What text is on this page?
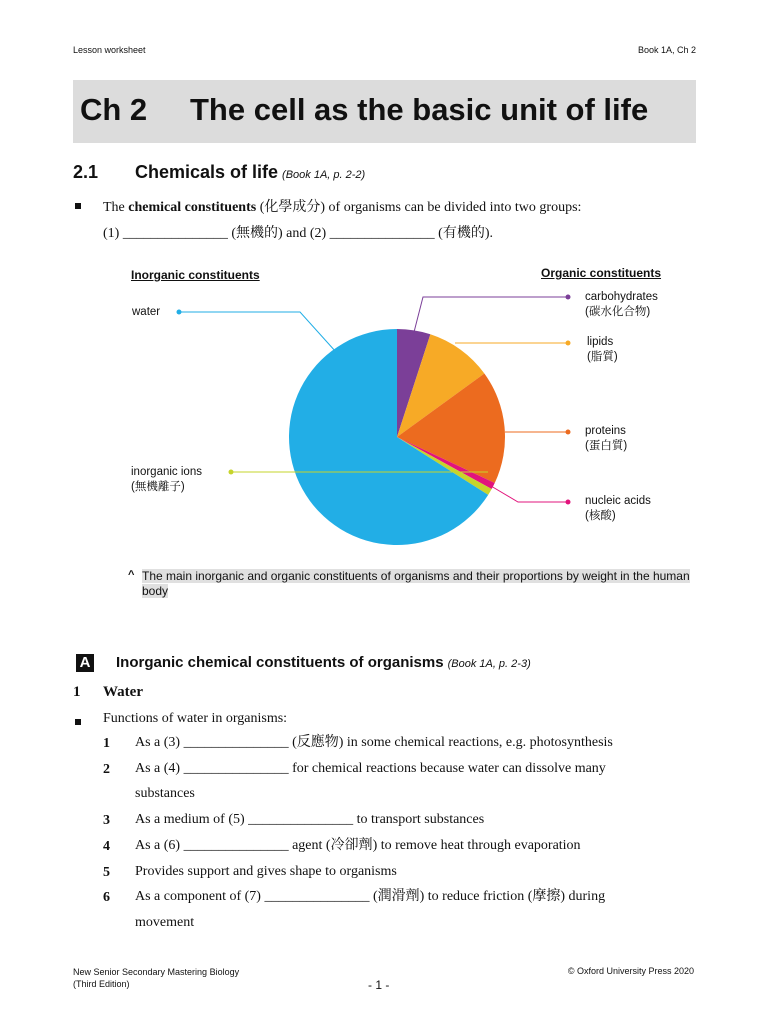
Lesson worksheet	Book 1A, Ch 2
Ch 2 The cell as the basic unit of life
2.1 Chemicals of life (Book 1A, p. 2-2)
The chemical constituents (化學成分) of organisms can be divided into two groups:
(1) _______________ (無機的) and (2) _______________ (有機的).
Inorganic constituents	Organic constituents
water
inorganic ions
(無機離子)
carbohydrates
(碳水化合物)
lipids
(脂質)
proteins
(蛋白質)
nucleic acids
(核酸)
^ The main inorganic and organic constituents of organisms and their proportions by weight in the human body
A Inorganic chemical constituents of organisms (Book 1A, p. 2-3)
1 Water
Functions of water in organisms:
1 As a (3) _______________ (反應物) in some chemical reactions, e.g. photosynthesis
2 As a (4) _______________ for chemical reactions because water can dissolve many
substances
3 As a medium of (5) _______________ to transport substances
4 As a (6) _______________ agent (冷卻劑) to remove heat through evaporation
5 Provides support and gives shape to organisms
6 As a component of (7) _______________ (潤滑劑) to reduce friction (摩擦) during
movement
New Senior Secondary Mastering Biology
(Third Edition)	- 1 -
© Oxford University Press 2020
